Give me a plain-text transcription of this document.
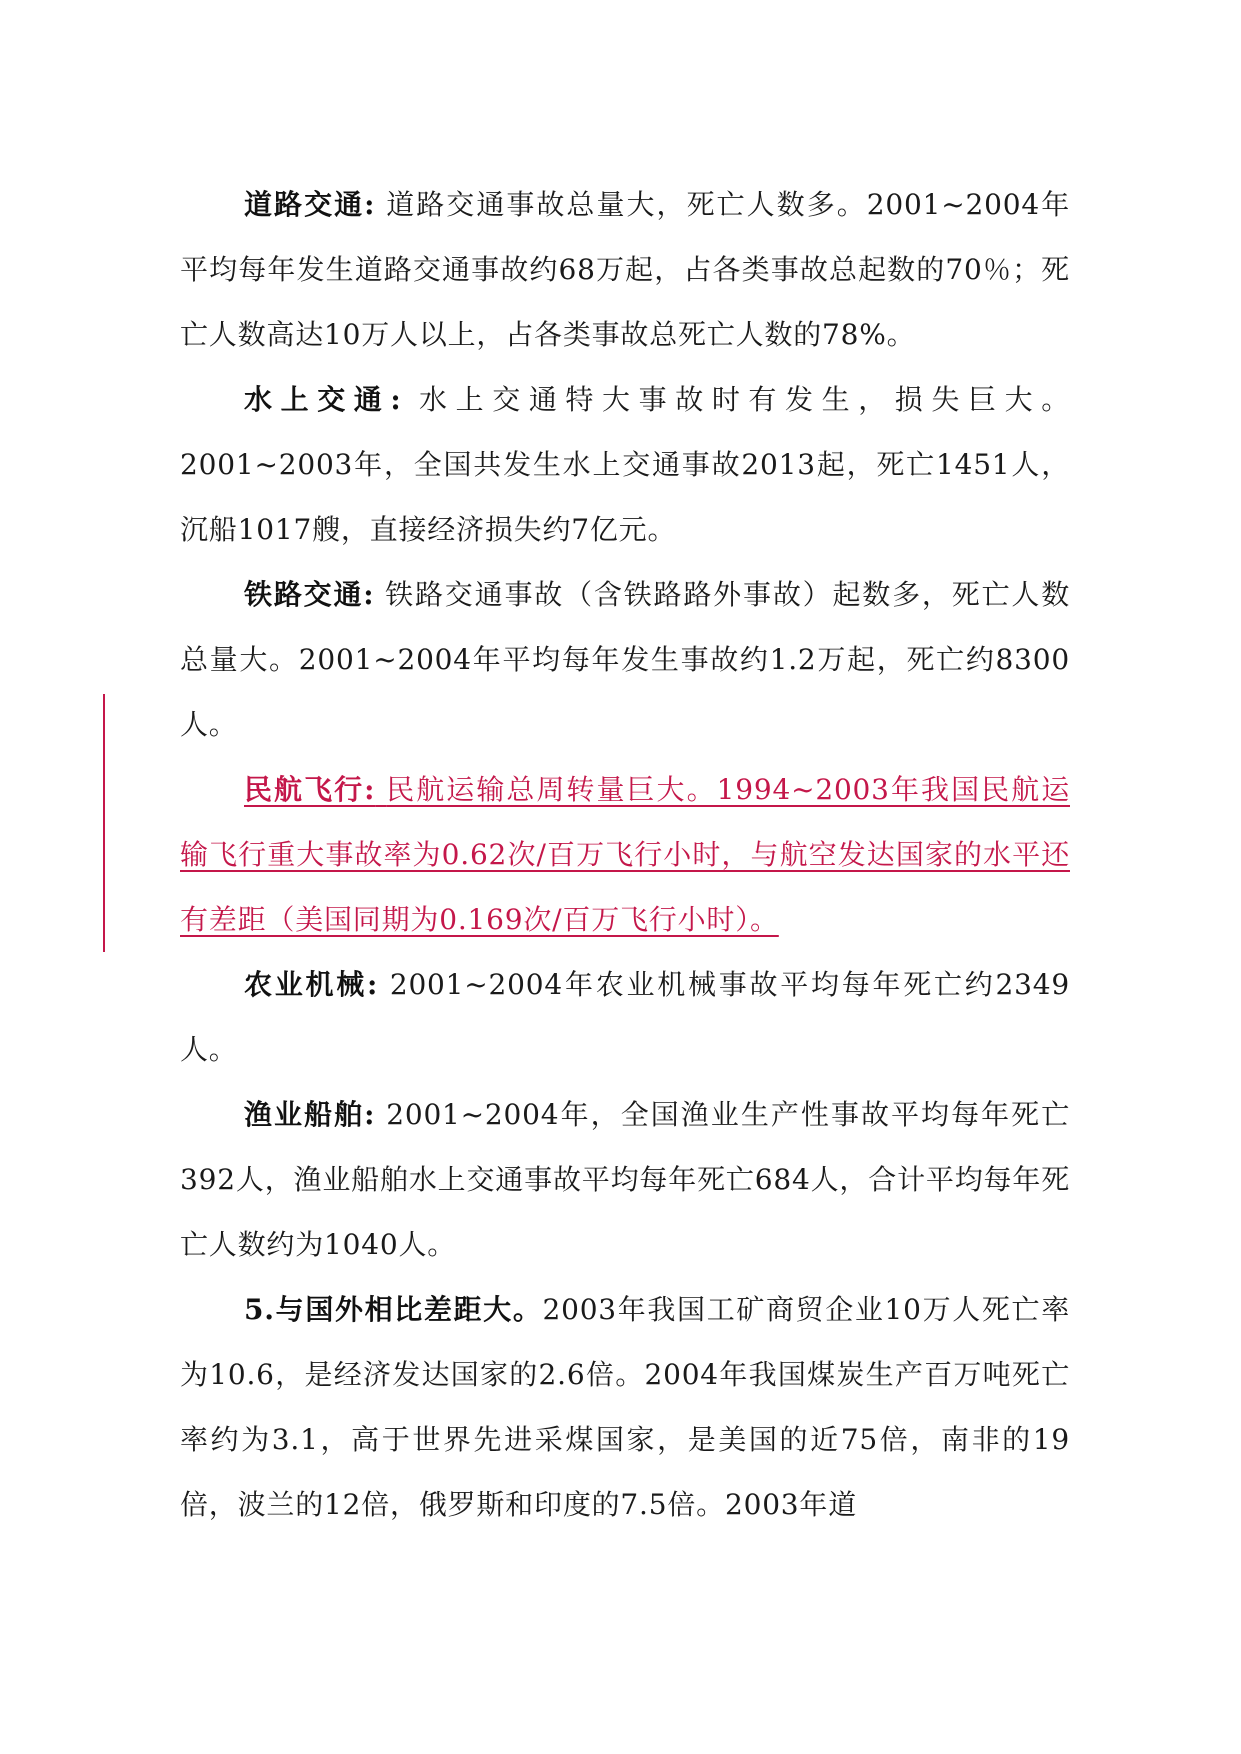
道路交通: 道路交通事故总量大，死亡人数多。2001~2004年平均每年发生道路交通事故约68万起，占各类事故总起数的70％；死亡人数高达10万人以上，占各类事故总死亡人数的78%。

水上交通: 水上交通特大事故时有发生，损失巨大。2001~2003年，全国共发生水上交通事故2013起，死亡1451人，沉船1017艘，直接经济损失约7亿元。

铁路交通: 铁路交通事故（含铁路路外事故）起数多，死亡人数总量大。2001~2004年平均每年发生事故约1.2万起，死亡约8300人。

民航飞行: 民航运输总周转量巨大。1994~2003年我国民航运输飞行重大事故率为0.62次/百万飞行小时，与航空发达国家的水平还有差距（美国同期为0.169次/百万飞行小时）。

农业机械: 2001~2004年农业机械事故平均每年死亡约2349人。

渔业船舶: 2001~2004年，全国渔业生产性事故平均每年死亡392人，渔业船舶水上交通事故平均每年死亡684人，合计平均每年死亡人数约为1040人。

5.与国外相比差距大。2003年我国工矿商贸企业10万人死亡率为10.6，是经济发达国家的2.6倍。2004年我国煤炭生产百万吨死亡率约为3.1，高于世界先进采煤国家，是美国的近75倍，南非的19倍，波兰的12倍，俄罗斯和印度的7.5倍。2003年道
